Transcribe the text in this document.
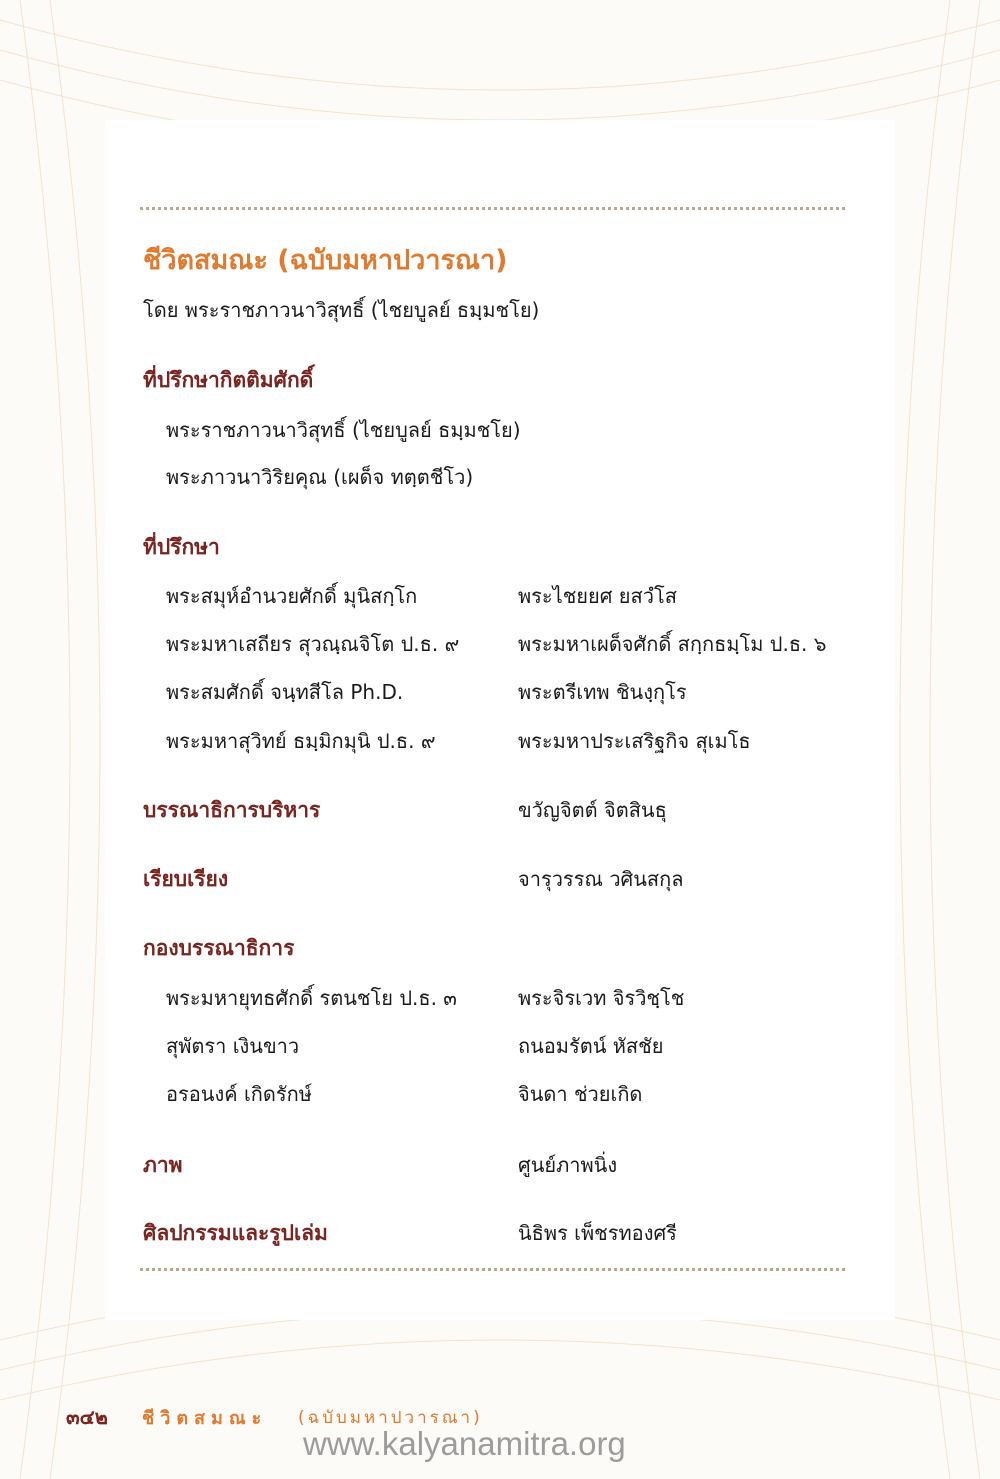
ชีวิตสมณะ (ฉบับมหาปวารณา)
โดย พระราชภาวนาวิสุทธิ์ (ไชยบูลย์ ธมฺมชโย)
ที่ปรึกษากิตติมศักดิ์
พระราชภาวนาวิสุทธิ์ (ไชยบูลย์ ธมฺมชโย)
พระภาวนาวิริยคุณ (เผด็จ ทตฺตชีโว)
ที่ปรึกษา
พระสมุห์อำนวยศักดิ์ มุนิสกฺโก	พระไชยยศ ยสวํโส
พระมหาเสถียร สุวณฺณจิโต ป.ธ. ๙	พระมหาเผด็จศักดิ์ สกฺกธมฺโม ป.ธ. ๖
พระสมศักดิ์ จนฺทสีโล Ph.D.	พระตรีเทพ ชินงฺกุโร
พระมหาสุวิทย์ ธมฺมิกมุนิ ป.ธ. ๙	พระมหาประเสริฐกิจ สุเมโธ
บรรณาธิการบริหาร	ขวัญจิตต์ จิตสินธุ
เรียบเรียง	จารุวรรณ วศินสกุล
กองบรรณาธิการ
พระมหายุทธศักดิ์ รตนชโย ป.ธ. ๓	พระจิรเวท จิรวิชฺโช
สุพัตรา เงินขาว	ถนอมรัตน์ หัสชัย
อรอนงค์ เกิดรักษ์	จินดา ช่วยเกิด
ภาพ	ศูนย์ภาพนิ่ง
ศิลปกรรมและรูปเล่ม	นิธิพร เพ็ชรทองศรี
๓๔๒ ชีวิตสมณะ (ฉบับมหาปวารณา)
www.kalyanamitra.org
